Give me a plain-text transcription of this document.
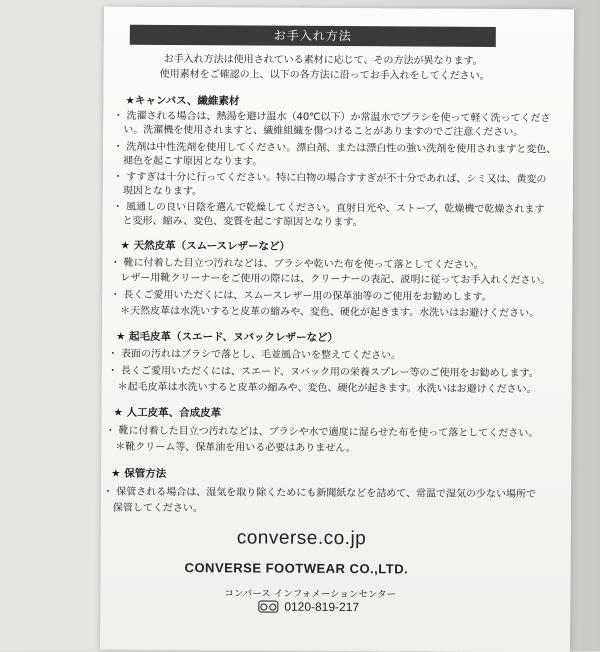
お手入れ方法
お手入れ方法は使用されている素材に応じて、その方法が異なります。
使用素材をご確認の上、以下の各方法に沿ってお手入れをしてください。
★キャンバス、繊維素材
・ 洗濯される場合は、熱湯を避け温水（40℃以下）か常温水でブラシを使って軽く洗ってくださ
　い。洗濯機を使用されますと、繊維組織を傷つけることがありますのでご注意ください。
・ 洗剤は中性洗剤を使用してください。漂白剤、または漂白性の強い洗剤を使用されますと変色、
　褪色を起こす原因となります。
・ すすぎは十分に行ってください。特に白物の場合すすぎが不十分であれば、シミ又は、黄変の
　現因となります。
・ 風通しの良い日陰を選んで乾燥してください。直射日光や、ストーブ、乾燥機で乾燥されます
　と変形、縮み、変色、変質を起こす原因となります。
★ 天然皮革（スムースレザーなど）
・ 靴に付着した目立つ汚れなどは、ブラシや乾いた布を使って落としてください。
　レザー用靴クリーナーをご使用の際には、クリーナーの表記、説明に従ってお手入れください。
・ 長くご愛用いただくには、スムースレザー用の保革油等のご使用をお勧めします。
　＊天然皮革は水洗いすると皮革の縮みや、変色、硬化が起きます。水洗いはお避けください。
★ 起毛皮革（スエード、ヌバックレザーなど）
・ 表面の汚れはブラシで落とし、毛並風合いを整えてください。
・ 長くご愛用いただくには、スエード、ヌバック用の栄養スプレー等のご使用をお勧めします。
　＊起毛皮革は水洗いすると皮革の縮みや、変色、硬化が起きます。水洗いはお避けください。
★ 人工皮革、合成皮革
・ 靴に付着した目立つ汚れなどは、ブラシや水で適度に湿らせた布を使って落としてください。
　＊靴クリーム等、保革油を用いる必要はありません。
★ 保管方法
・ 保管される場合は、湿気を取り除くためにも新聞紙などを詰めて、常温で湿気の少ない場所で
　保管してください。
converse.co.jp
CONVERSE FOOTWEAR CO.,LTD.
コンバース インフォメーションセンター
0120-819-217
